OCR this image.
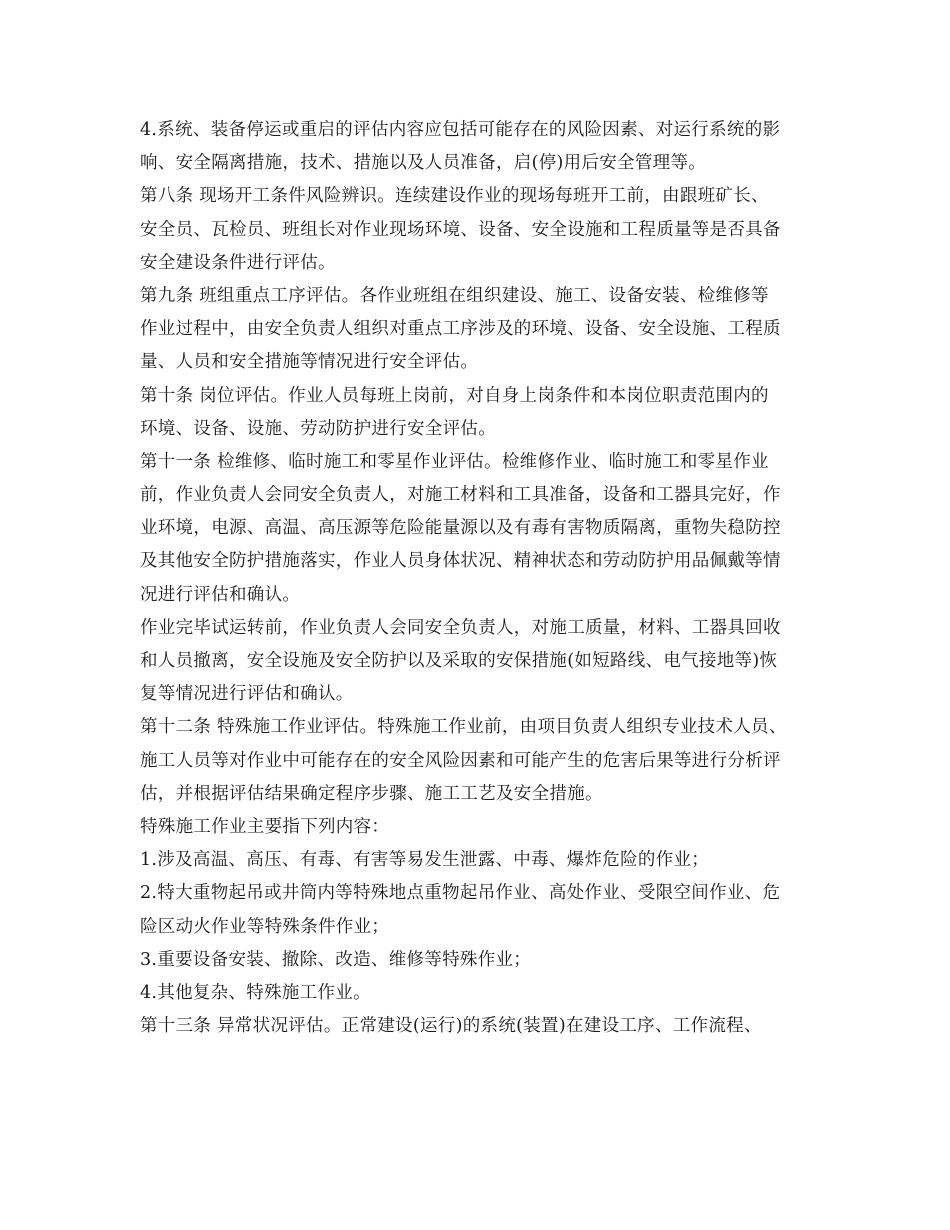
4.系统、装备停运或重启的评估内容应包括可能存在的风险因素、对运行系统的影
响、安全隔离措施，技术、措施以及人员准备，启(停)用后安全管理等。
第八条 现场开工条件风险辨识。连续建设作业的现场每班开工前，由跟班矿长、
安全员、瓦检员、班组长对作业现场环境、设备、安全设施和工程质量等是否具备
安全建设条件进行评估。
第九条 班组重点工序评估。各作业班组在组织建设、施工、设备安装、检维修等
作业过程中，由安全负责人组织对重点工序涉及的环境、设备、安全设施、工程质
量、人员和安全措施等情况进行安全评估。
第十条 岗位评估。作业人员每班上岗前，对自身上岗条件和本岗位职责范围内的
环境、设备、设施、劳动防护进行安全评估。
第十一条 检维修、临时施工和零星作业评估。检维修作业、临时施工和零星作业
前，作业负责人会同安全负责人，对施工材料和工具准备，设备和工器具完好，作
业环境，电源、高温、高压源等危险能量源以及有毒有害物质隔离，重物失稳防控
及其他安全防护措施落实，作业人员身体状况、精神状态和劳动防护用品佩戴等情
况进行评估和确认。
作业完毕试运转前，作业负责人会同安全负责人，对施工质量，材料、工器具回收
和人员撤离，安全设施及安全防护以及采取的安保措施(如短路线、电气接地等)恢
复等情况进行评估和确认。
第十二条 特殊施工作业评估。特殊施工作业前，由项目负责人组织专业技术人员、
施工人员等对作业中可能存在的安全风险因素和可能产生的危害后果等进行分析评
估，并根据评估结果确定程序步骤、施工工艺及安全措施。
特殊施工作业主要指下列内容：
1.涉及高温、高压、有毒、有害等易发生泄露、中毒、爆炸危险的作业；
2.特大重物起吊或井筒内等特殊地点重物起吊作业、高处作业、受限空间作业、危
险区动火作业等特殊条件作业；
3.重要设备安装、撤除、改造、维修等特殊作业；
4.其他复杂、特殊施工作业。
第十三条 异常状况评估。正常建设(运行)的系统(装置)在建设工序、工作流程、
